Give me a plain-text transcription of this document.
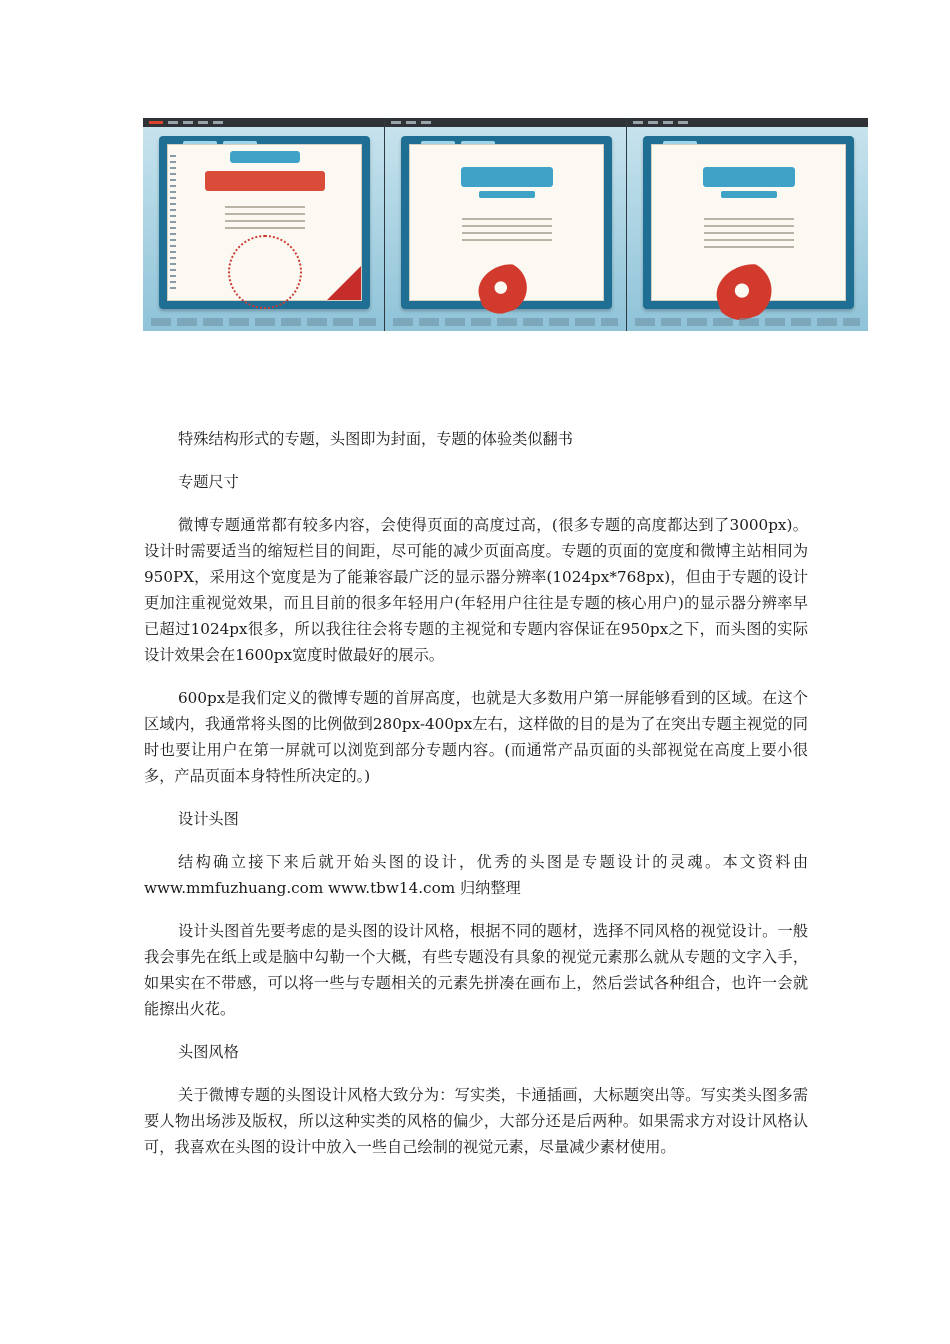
特殊结构形式的专题，头图即为封面，专题的体验类似翻书

专题尺寸

微博专题通常都有较多内容，会使得页面的高度过高，(很多专题的高度都达到了3000px)。设计时需要适当的缩短栏目的间距，尽可能的减少页面高度。专题的页面的宽度和微博主站相同为950PX，采用这个宽度是为了能兼容最广泛的显示器分辨率(1024px*768px)，但由于专题的设计更加注重视觉效果，而且目前的很多年轻用户(年轻用户往往是专题的核心用户)的显示器分辨率早已超过1024px很多，所以我往往会将专题的主视觉和专题内容保证在950px之下，而头图的实际设计效果会在1600px宽度时做最好的展示。

600px是我们定义的微博专题的首屏高度，也就是大多数用户第一屏能够看到的区域。在这个区域内，我通常将头图的比例做到280px-400px左右，这样做的目的是为了在突出专题主视觉的同时也要让用户在第一屏就可以浏览到部分专题内容。(而通常产品页面的头部视觉在高度上要小很多，产品页面本身特性所决定的。)

设计头图

结构确立接下来后就开始头图的设计，优秀的头图是专题设计的灵魂。本文资料由www.mmfuzhuang.com www.tbw14.com 归纳整理

设计头图首先要考虑的是头图的设计风格，根据不同的题材，选择不同风格的视觉设计。一般我会事先在纸上或是脑中勾勒一个大概，有些专题没有具象的视觉元素那么就从专题的文字入手，如果实在不带感，可以将一些与专题相关的元素先拼凑在画布上，然后尝试各种组合，也许一会就能擦出火花。

头图风格

关于微博专题的头图设计风格大致分为：写实类，卡通插画，大标题突出等。写实类头图多需要人物出场涉及版权，所以这种实类的风格的偏少，大部分还是后两种。如果需求方对设计风格认可，我喜欢在头图的设计中放入一些自己绘制的视觉元素，尽量减少素材使用。
